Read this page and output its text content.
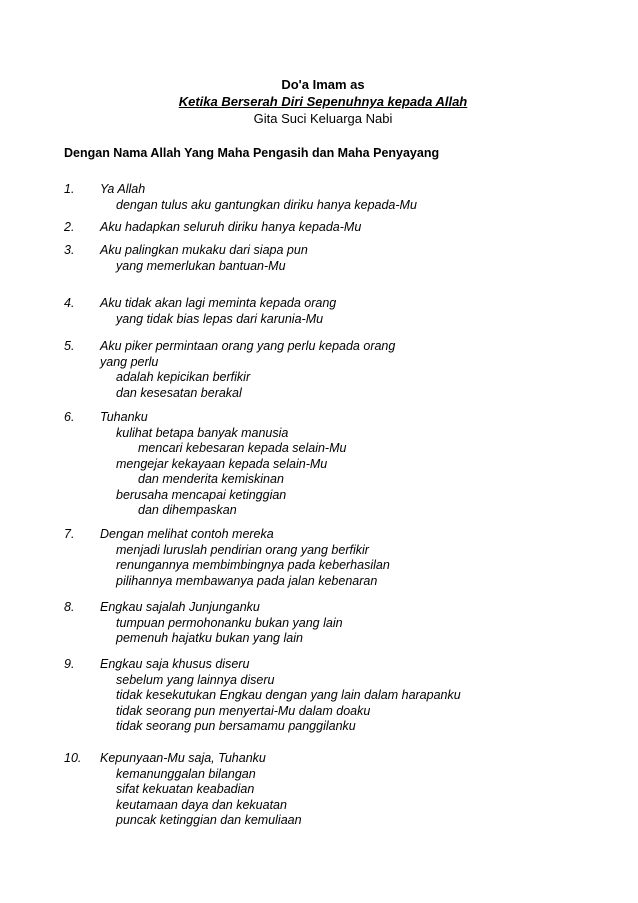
Do'a Imam as

Ketika Berserah Diri Sepenuhnya kepada Allah

Gita Suci Keluarga Nabi

Dengan Nama Allah Yang Maha Pengasih dan Maha Penyayang
1. Ya Allah
dengan tulus aku gantungkan diriku hanya kepada-Mu
2. Aku hadapkan seluruh diriku hanya kepada-Mu
3. Aku palingkan mukaku dari siapa pun
yang memerlukan bantuan-Mu
4. Aku tidak akan lagi meminta kepada orang
yang tidak bias lepas dari karunia-Mu
5. Aku piker permintaan orang yang perlu kepada orang
yang perlu
adalah kepicikan berfikir
dan kesesatan berakal
6. Tuhanku
kulihat betapa banyak manusia
mencari kebesaran kepada selain-Mu
mengejar kekayaan kepada selain-Mu
dan menderita kemiskinan
berusaha mencapai ketinggian
dan dihempaskan
7. Dengan melihat contoh mereka
menjadi luruslah pendirian orang yang berfikir
renungannya membimbingnya pada keberhasilan
pilihannya membawanya pada jalan kebenaran
8. Engkau sajalah Junjunganku
tumpuan permohonanku bukan yang lain
pemenuh hajatku bukan yang lain
9. Engkau saja khusus diseru
sebelum yang lainnya diseru
tidak kesekutukan Engkau dengan yang lain dalam harapanku
tidak seorang pun menyertai-Mu dalam doaku
tidak seorang pun bersamamu panggilanku
10. Kepunyaan-Mu saja, Tuhanku
kemanunggalan bilangan
sifat kekuatan keabadian
keutamaan daya dan kekuatan
puncak ketinggian dan kemuliaan
